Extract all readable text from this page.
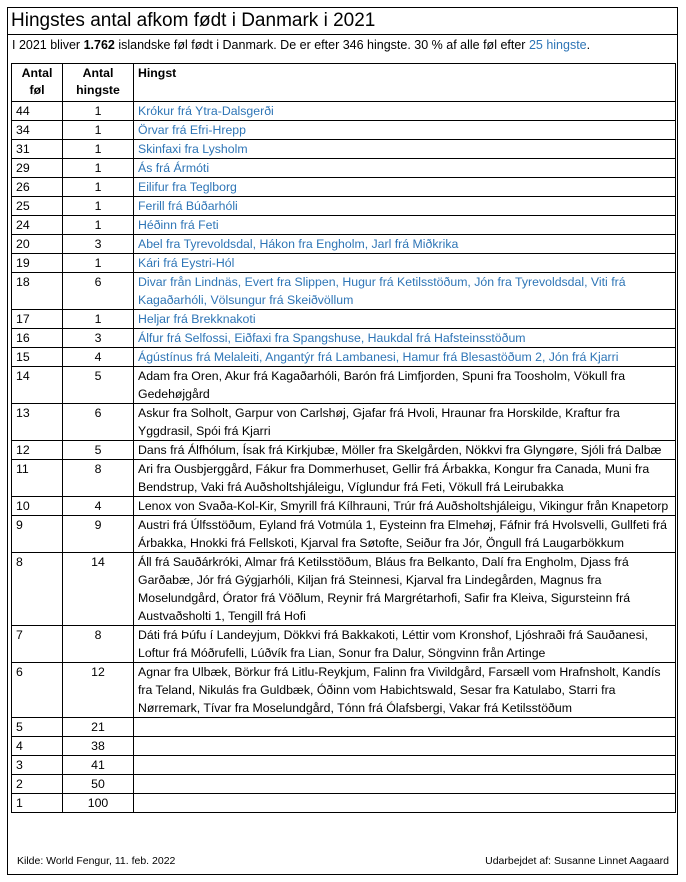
Hingstes antal afkom født i Danmark i 2021
I 2021 bliver 1.762 islandske føl født i Danmark. De er efter 346 hingste. 30 % af alle føl efter 25 hingste.
Antal
føl	Antal
hingste	Hingst
44	1	Krókur frá Ytra-Dalsgerði
34	1	Örvar frá Efri-Hrepp
31	1	Skinfaxi fra Lysholm
29	1	Ás frá Ármóti
26	1	Eilifur fra Teglborg
25	1	Ferill frá Búðarhóli
24	1	Héðinn frá Feti
20	3	Abel fra Tyrevoldsdal, Hákon fra Engholm, Jarl frá Miðkrika
19	1	Kári frá Eystri-Hól
18	6	Divar från Lindnäs, Evert fra Slippen, Hugur frá Ketilsstöðum, Jón fra Tyrevoldsdal, Viti frá Kagaðarhóli, Völsungur frá Skeiðvöllum
17	1	Heljar frá Brekknakoti
16	3	Álfur frá Selfossi, Eiðfaxi fra Spangshuse, Haukdal frá Hafsteinsstöðum
15	4	Ágústínus frá Melaleiti, Angantýr frá Lambanesi, Hamur frá Blesastöðum 2, Jón frá Kjarri
14	5	Adam fra Oren, Akur frá Kagaðarhóli, Barón frá Limfjorden, Spuni fra Toosholm, Vökull fra Gedehøjgård
13	6	Askur fra Solholt, Garpur von Carlshøj, Gjafar frá Hvoli, Hraunar fra Horskilde, Kraftur fra Yggdrasil, Spói frá Kjarri
12	5	Dans frá Álfhólum, Ísak frá Kirkjubæ, Möller fra Skelgården, Nökkvi fra Glyngøre, Sjóli frá Dalbæ
11	8	Ari fra Ousbjerggård, Fákur fra Dommerhuset, Gellir frá Árbakka, Kongur fra Canada, Muni fra Bendstrup, Vaki frá Auðsholtshjáleigu, Víglundur frá Feti, Vökull frá Leirubakka
10	4	Lenox von Svaða-Kol-Kir, Smyrill frá Kílhrauni, Trúr frá Auðsholtshjáleigu, Vikingur från Knapetorp
9	9	Austri frá Úlfsstöðum, Eyland frá Votmúla 1, Eysteinn fra Elmehøj, Fáfnir frá Hvolsvelli, Gullfeti frá Árbakka, Hnokki frá Fellskoti, Kjarval fra Søtofte, Seiður fra Jór, Öngull frá Laugarbökkum
8	14	Áll frá Sauðárkróki, Almar frá Ketilsstöðum, Bláus fra Belkanto, Dalí fra Engholm, Djass frá Garðabæ, Jór frá Gýgjarhóli, Kiljan frá Steinnesi, Kjarval fra Lindegården, Magnus fra Moselundgård, Órator frá Vöðlum, Reynir frá Margrétarhofi, Safir fra Kleiva, Sigursteinn frá Austvaðsholti 1, Tengill frá Hofi
7	8	Dáti frá Þúfu í Landeyjum, Dökkvi frá Bakkakoti, Léttir vom Kronshof, Ljóshraði frá Sauðanesi, Loftur frá Móðrufelli, Lúðvík fra Lian, Sonur fra Dalur, Söngvinn från Artinge
6	12	Agnar fra Ulbæk, Börkur frá Litlu-Reykjum, Falinn fra Vivildgård, Farsæll vom Hrafnsholt, Kandís fra Teland, Nikulás fra Guldbæk, Óðinn vom Habichtswald, Sesar fra Katulabo, Starri fra Nørremark, Tívar fra Moselundgård, Tónn frá Ólafsbergi, Vakar frá Ketilsstöðum
5	21	
4	38	
3	41	
2	50	
1	100	
Kilde: World Fengur, 11. feb. 2022	Udarbejdet af: Susanne Linnet Aagaard
